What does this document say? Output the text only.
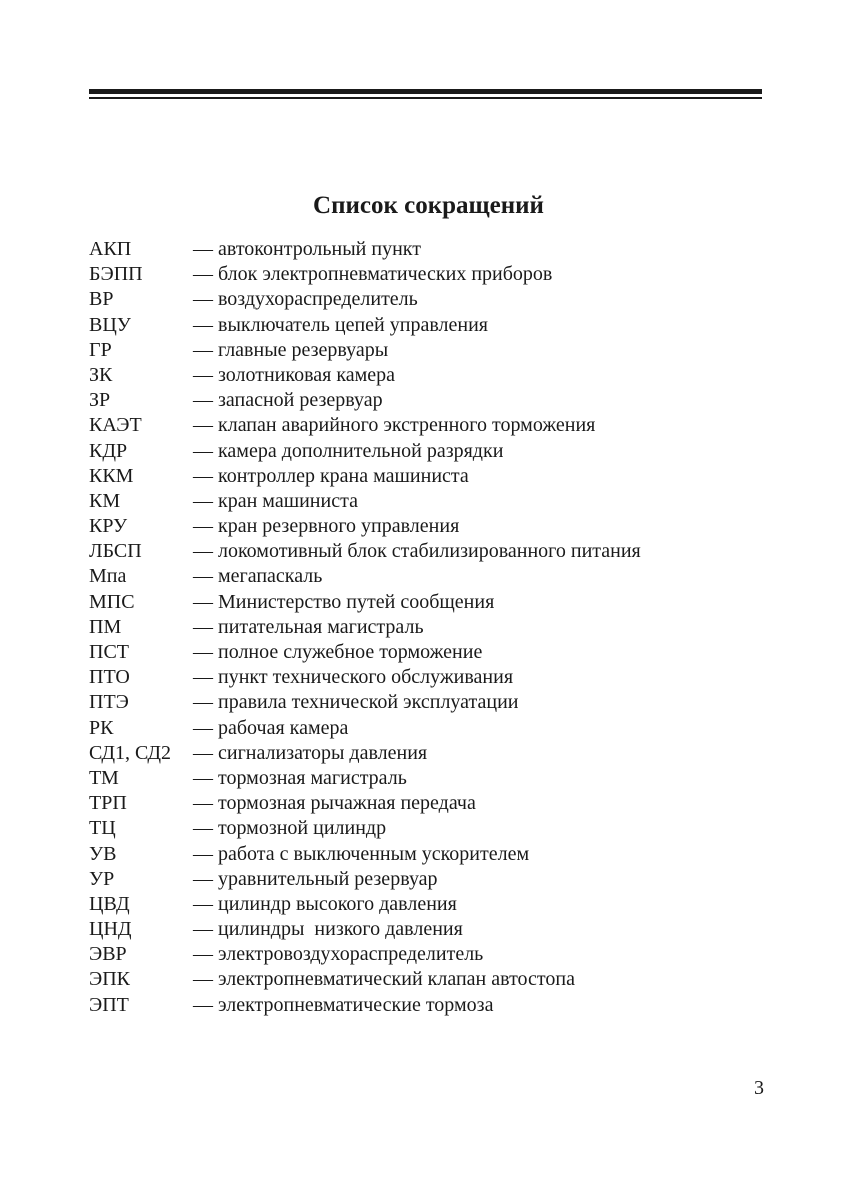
Список сокращений
АКП	— автоконтрольный пункт
БЭПП	— блок электропневматических приборов
ВР	— воздухораспределитель
ВЦУ	— выключатель цепей управления
ГР	— главные резервуары
ЗК	— золотниковая камера
ЗР	— запасной резервуар
КАЭТ	— клапан аварийного экстренного торможения
КДР	— камера дополнительной разрядки
ККМ	— контроллер крана машиниста
КМ	— кран машиниста
КРУ	— кран резервного управления
ЛБСП	— локомотивный блок стабилизированного питания
Мпа	— мегапаскаль
МПС	— Министерство путей сообщения
ПМ	— питательная магистраль
ПСТ	— полное служебное торможение
ПТО	— пункт технического обслуживания
ПТЭ	— правила технической эксплуатации
РК	— рабочая камера
СД1, СД2 — сигнализаторы давления
ТМ	— тормозная магистраль
ТРП	— тормозная рычажная передача
ТЦ	— тормозной цилиндр
УВ	— работа с выключенным ускорителем
УР	— уравнительный резервуар
ЦВД	— цилиндр высокого давления
ЦНД	— цилиндры  низкого давления
ЭВР	— электровоздухораспределитель
ЭПК	— электропневматический клапан автостопа
ЭПТ	— электропневматические тормоза
3
